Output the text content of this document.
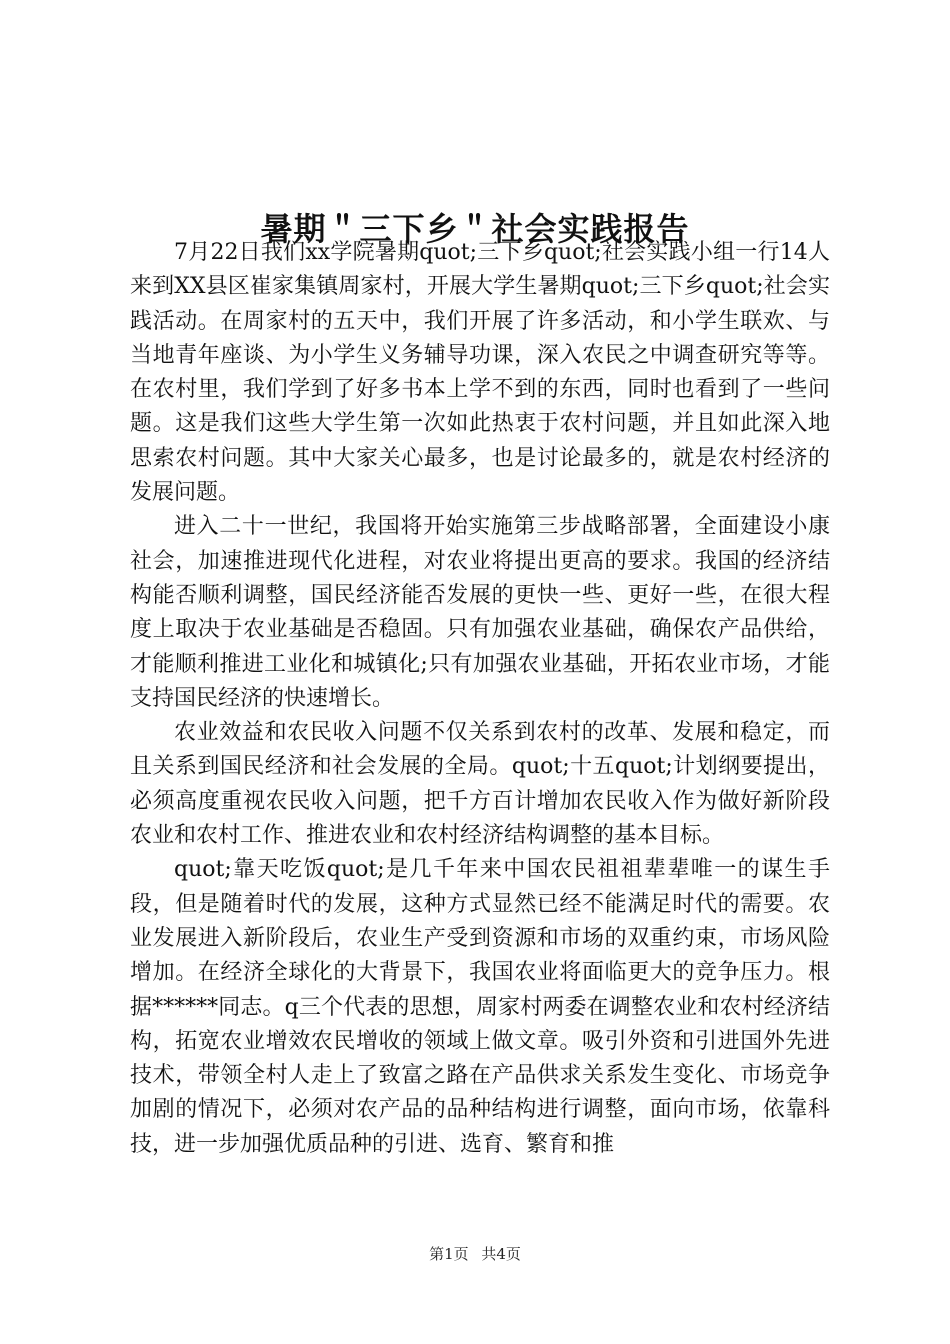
暑期＂三下乡＂社会实践报告

7月22日我们xx学院暑期quot;三下乡quot;社会实践小组一行14人来到XX县区崔家集镇周家村，开展大学生暑期quot;三下乡quot;社会实践活动。在周家村的五天中，我们开展了许多活动，和小学生联欢、与当地青年座谈、为小学生义务辅导功课，深入农民之中调查研究等等。在农村里，我们学到了好多书本上学不到的东西，同时也看到了一些问题。这是我们这些大学生第一次如此热衷于农村问题，并且如此深入地思索农村问题。其中大家关心最多，也是讨论最多的，就是农村经济的发展问题。

进入二十一世纪，我国将开始实施第三步战略部署，全面建设小康社会，加速推进现代化进程，对农业将提出更高的要求。我国的经济结构能否顺利调整，国民经济能否发展的更快一些、更好一些，在很大程度上取决于农业基础是否稳固。只有加强农业基础，确保农产品供给，才能顺利推进工业化和城镇化;只有加强农业基础，开拓农业市场，才能支持国民经济的快速增长。

农业效益和农民收入问题不仅关系到农村的改革、发展和稳定，而且关系到国民经济和社会发展的全局。quot;十五quot;计划纲要提出，必须高度重视农民收入问题，把千方百计增加农民收入作为做好新阶段农业和农村工作、推进农业和农村经济结构调整的基本目标。

quot;靠天吃饭quot;是几千年来中国农民祖祖辈辈唯一的谋生手段，但是随着时代的发展，这种方式显然已经不能满足时代的需要。农业发展进入新阶段后，农业生产受到资源和市场的双重约束，市场风险增加。在经济全球化的大背景下，我国农业将面临更大的竞争压力。根据******同志。q三个代表的思想，周家村两委在调整农业和农村经济结构，拓宽农业增效农民增收的领域上做文章。吸引外资和引进国外先进技术，带领全村人走上了致富之路在产品供求关系发生变化、市场竞争加剧的情况下，必须对农产品的品种结构进行调整，面向市场，依靠科技，进一步加强优质品种的引进、选育、繁育和推

第1页 共4页
